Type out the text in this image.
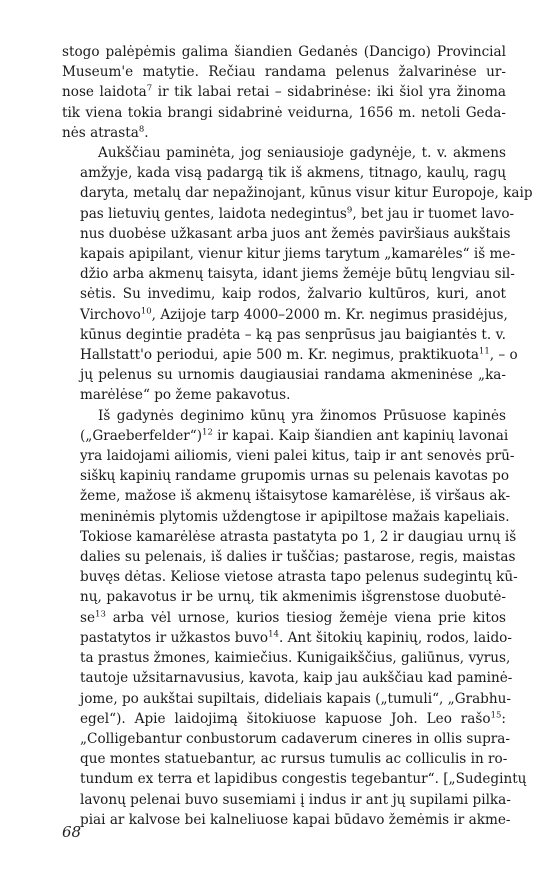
stogo palėpėmis galima šiandien Gedanės (Dancigo) Provincial
Museum'e matytie. Rečiau randama pelenus žalvarinėse ur-
nose laidota$^7$ ir tik labai retai – sidabrinėse: iki šiol yra žinoma
tik viena tokia brangi sidabrinė veidurna, 1656 m. netoli Geda-
nės atrasta$^8$.
Aukščiau paminėta, jog seniausioje gadynėje, t. v. akmens
amžyje, kada visą padargą tik iš akmens, titnago, kaulų, ragų
daryta, metalų dar nepažinojant, kūnus visur kitur Europoje, kaip
pas lietuvių gentes, laidota nedegintus$^9$, bet jau ir tuomet lavo-
nus duobėse užkasant arba juos ant žemės paviršiaus aukštais
kapais apipilant, vienur kitur jiems tarytum „kamarėles“ iš me-
džio arba akmenų taisyta, idant jiems žemėje būtų lengviau sil-
sėtis. Su invedimu, kaip rodos, žalvario kultūros, kuri, anot
Virchovo$^{10}$, Azijoje tarp 4000–2000 m. Kr. negimus prasidėjus,
kūnus degintie pradėta – ką pas senprūsus jau baigiantės t. v.
Hallstatt'o periodui, apie 500 m. Kr. negimus, praktikuota$^{11}$, – o
jų pelenus su urnomis daugiausiai randama akmeninėse „ka-
marėlėse“ po žeme pakavotus.
Iš gadynės deginimo kūnų yra žinomos Prūsuose kapinės
(„Graeberfelder“)$^{12}$ ir kapai. Kaip šiandien ant kapinių lavonai
yra laidojami ailiomis, vieni palei kitus, taip ir ant senovės prū-
siškų kapinių randame grupomis urnas su pelenais kavotas po
žeme, mažose iš akmenų ištaisytose kamarėlėse, iš viršaus ak-
meninėmis plytomis uždengtose ir apipiltose mažais kapeliais.
Tokiose kamarėlėse atrasta pastatyta po 1, 2 ir daugiau urnų iš
dalies su pelenais, iš dalies ir tuščias; pastarose, regis, maistas
buvęs dėtas. Keliose vietose atrasta tapo pelenus sudegintų kū-
nų, pakavotus ir be urnų, tik akmenimis išgrenstose duobutė-
$se^{13}$ arba vėl urnose, kurios tiesiog žemėje viena prie kitos
pastatytos ir užkastos buvo$^{14}$. Ant šitokių kapinių, rodos, laido-
ta prastus žmones, kaimiečius. Kunigaikščius, galiūnus, vyrus,
tautoje užsitarnavusius, kavota, kaip jau aukščiau kad paminė-
jome, po aukštai supiltais, dideliais kapais („tumuli“, „Grabhu-
egel“). Apie laidojimą šitokiuose kapuose Joh. Leo rašo$^{15}$:
„Colligebantur conbustorum cadaverum cineres in ollis supra-
que montes statuebantur, ac rursus tumulis ac colliculis in ro-
tundum ex terra et lapidibus congestis tegebantur“. [„Sudegintų
lavonų pelenai buvo susemiami į indus ir ant jų supilami pilka-
piai ar kalvose bei kalneliuose kapai būdavo žemėmis ir akme-
68
